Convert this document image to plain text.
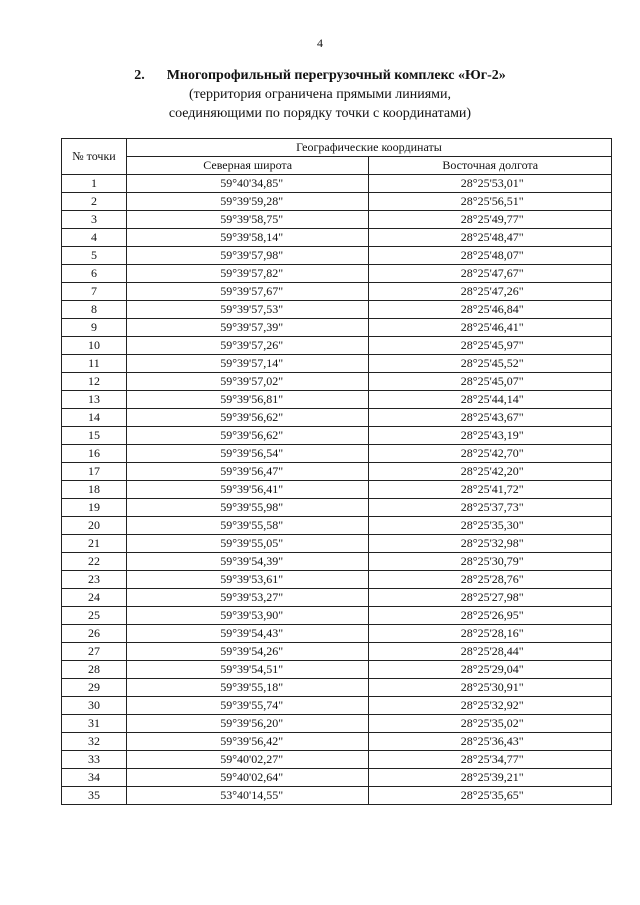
4
2. Многопрофильный перегрузочный комплекс «Юг-2»
(территория ограничена прямыми линиями,
соединяющими по порядку точки с координатами)
№ точки	Географические координаты	
	Северная широта	Восточная долгота
1	59°40'34,85"	28°25'53,01"
2	59°39'59,28"	28°25'56,51"
3	59°39'58,75"	28°25'49,77"
4	59°39'58,14"	28°25'48,47"
5	59°39'57,98"	28°25'48,07"
6	59°39'57,82"	28°25'47,67"
7	59°39'57,67"	28°25'47,26"
8	59°39'57,53"	28°25'46,84"
9	59°39'57,39"	28°25'46,41"
10	59°39'57,26"	28°25'45,97"
11	59°39'57,14"	28°25'45,52"
12	59°39'57,02"	28°25'45,07"
13	59°39'56,81"	28°25'44,14"
14	59°39'56,62"	28°25'43,67"
15	59°39'56,62"	28°25'43,19"
16	59°39'56,54"	28°25'42,70"
17	59°39'56,47"	28°25'42,20"
18	59°39'56,41"	28°25'41,72"
19	59°39'55,98"	28°25'37,73"
20	59°39'55,58"	28°25'35,30"
21	59°39'55,05"	28°25'32,98"
22	59°39'54,39"	28°25'30,79"
23	59°39'53,61"	28°25'28,76"
24	59°39'53,27"	28°25'27,98"
25	59°39'53,90"	28°25'26,95"
26	59°39'54,43"	28°25'28,16"
27	59°39'54,26"	28°25'28,44"
28	59°39'54,51"	28°25'29,04"
29	59°39'55,18"	28°25'30,91"
30	59°39'55,74"	28°25'32,92"
31	59°39'56,20"	28°25'35,02"
32	59°39'56,42"	28°25'36,43"
33	59°40'02,27"	28°25'34,77"
34	59°40'02,64"	28°25'39,21"
35	53°40'14,55"	28°25'35,65"
